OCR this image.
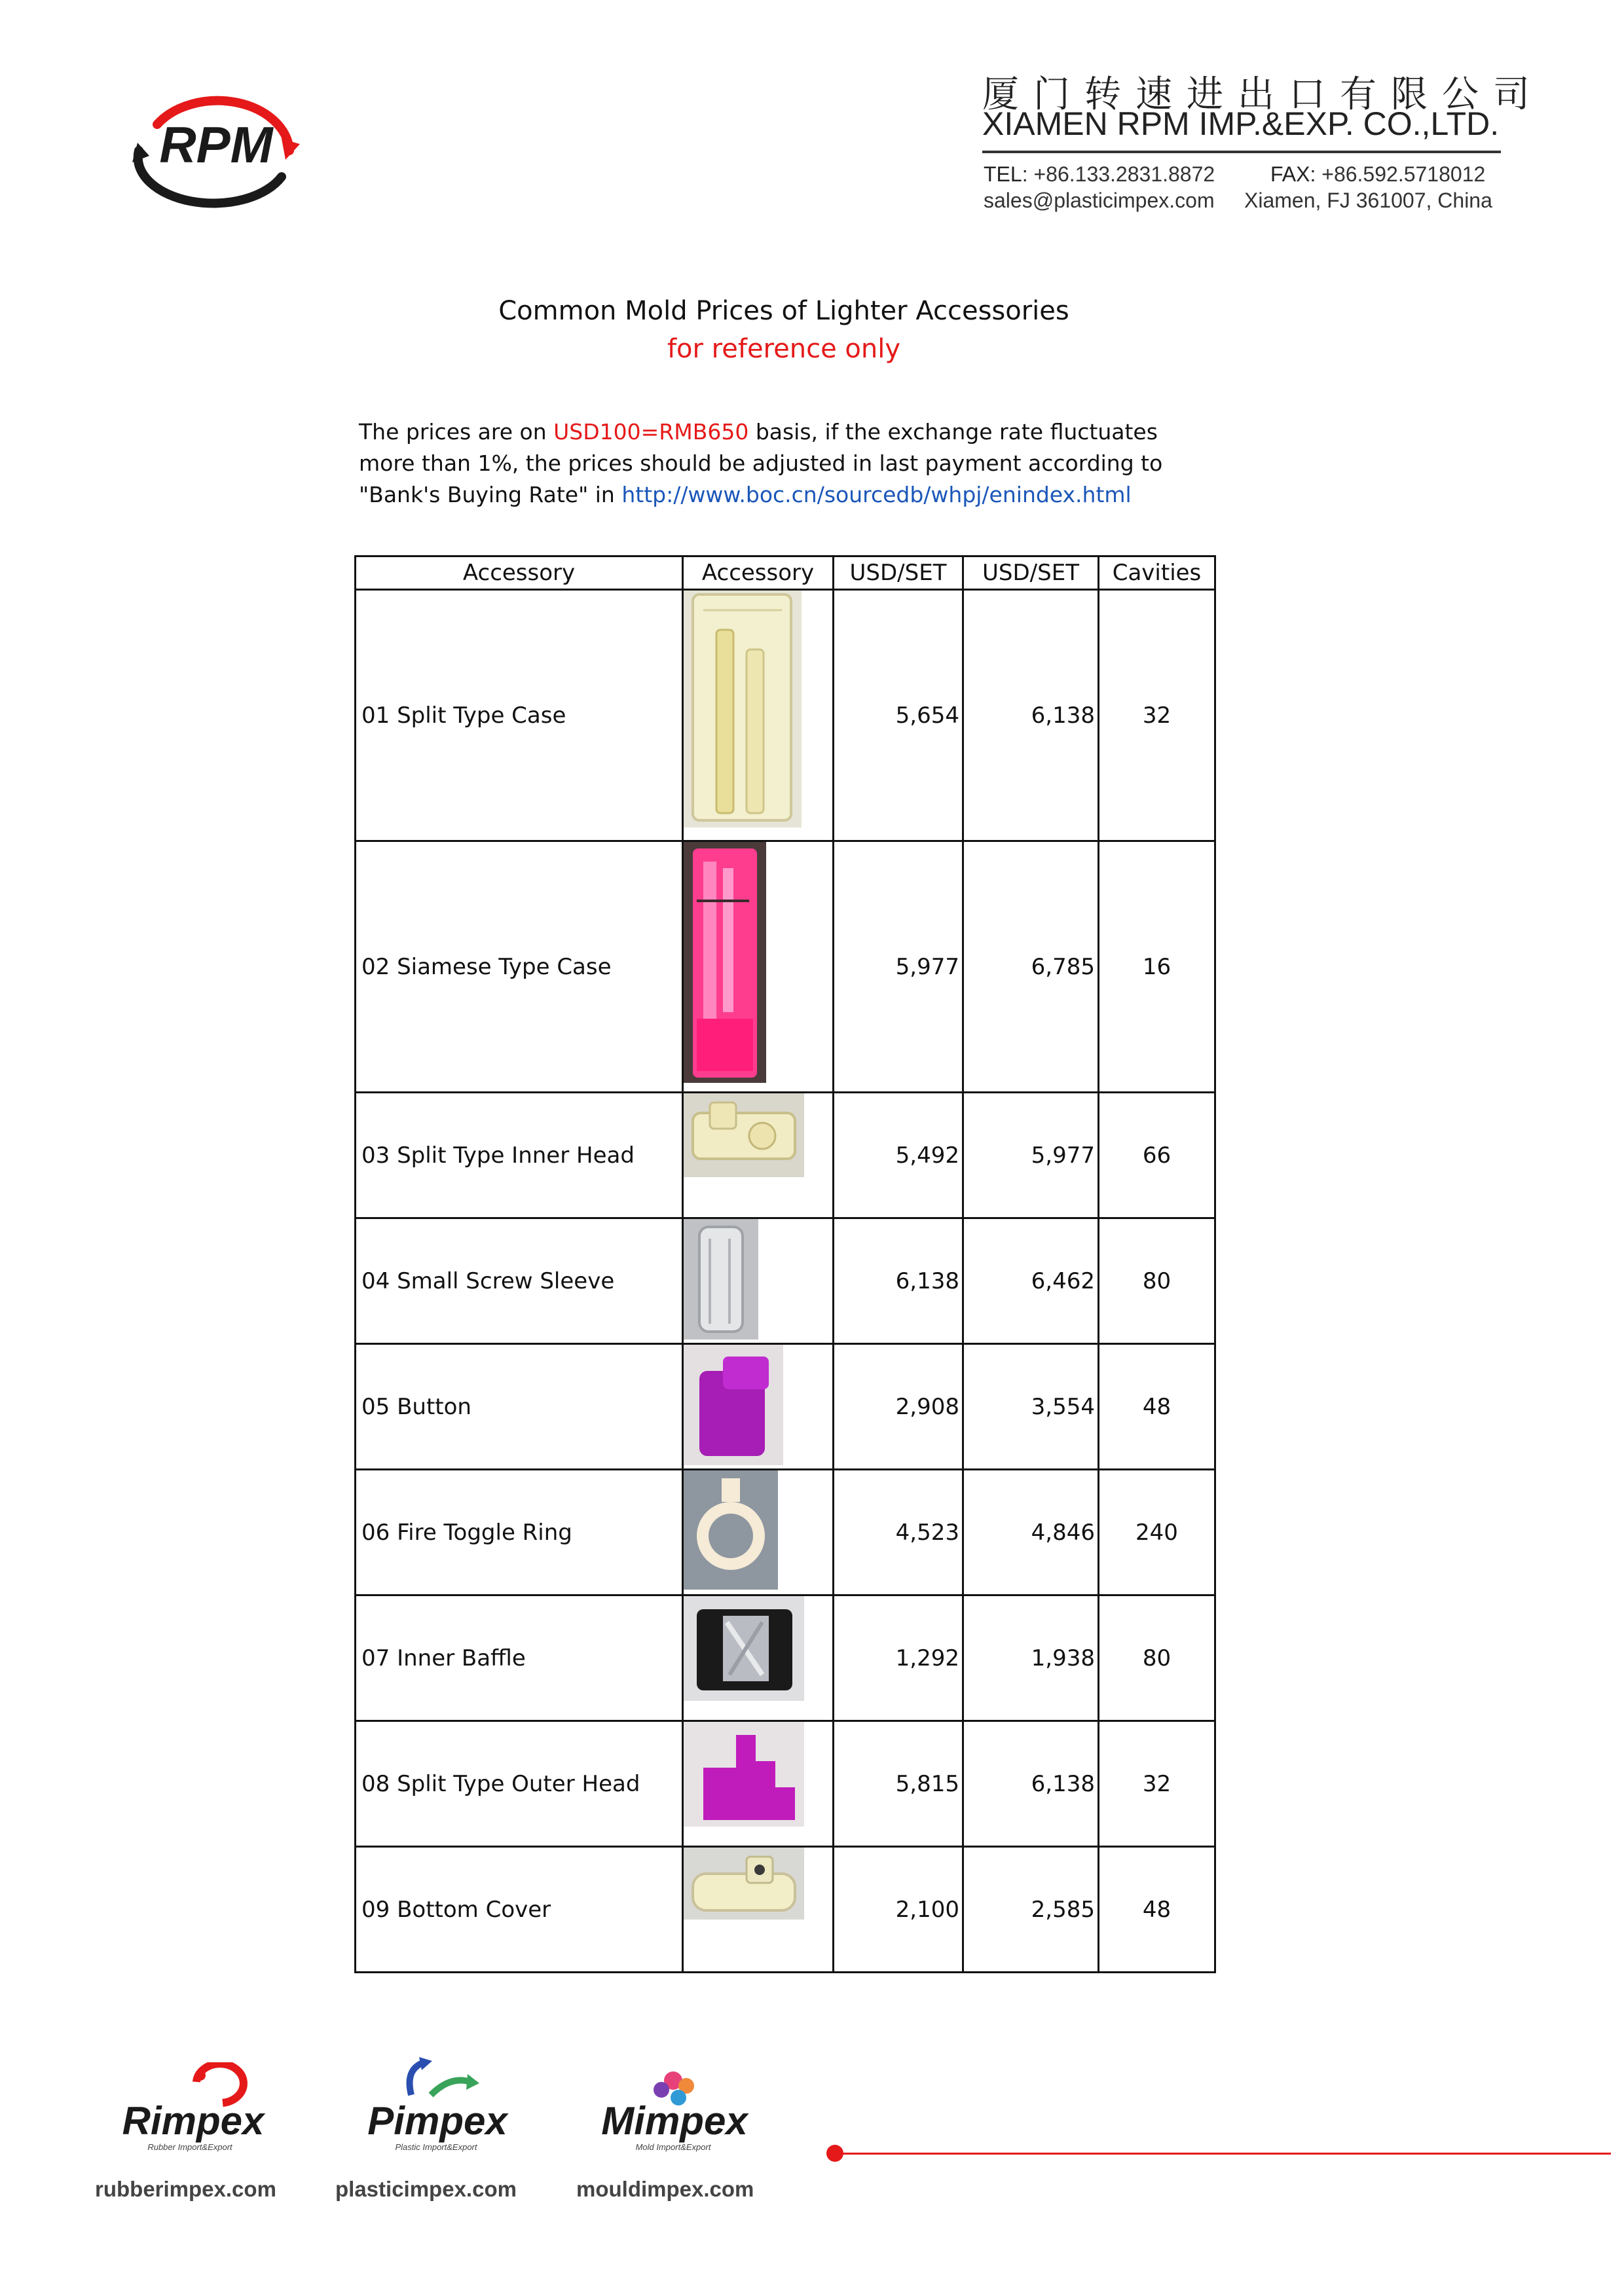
RPM
厦门转速进出口有限公司
XIAMEN RPM IMP.&EXP. CO.,LTD.
TEL: +86.133.2831.8872	FAX: +86.592.5718012
sales@plasticimpex.com Xiamen, FJ 361007, China
Common Mold Prices of Lighter Accessories
for reference only
The prices are on USD100=RMB650 basis, if the exchange rate fluctuates more than 1%, the prices should be adjusted in last payment according to "Bank's Buying Rate" in http://www.boc.cn/sourcedb/whpj/enindex.html
Accessory	Accessory	USD/SET	USD/SET	Cavities
01 Split Type Case		5,654	6,138	32
02 Siamese Type Case		5,977	6,785	16
03 Split Type Inner Head		5,492	5,977	66
04 Small Screw Sleeve		6,138	6,462	80
05 Button		2,908	3,554	48
06 Fire Toggle Ring		4,523	4,846	240
07 Inner Baffle		1,292	1,938	80
08 Split Type Outer Head		5,815	6,138	32
09 Bottom Cover		2,100	2,585	48
Rimpex
Rubber Import&Export
rubberimpex.com
Pimpex
Plastic Import&Export
plasticimpex.com
Mimpex
Mold Import&Export
mouldimpex.com
